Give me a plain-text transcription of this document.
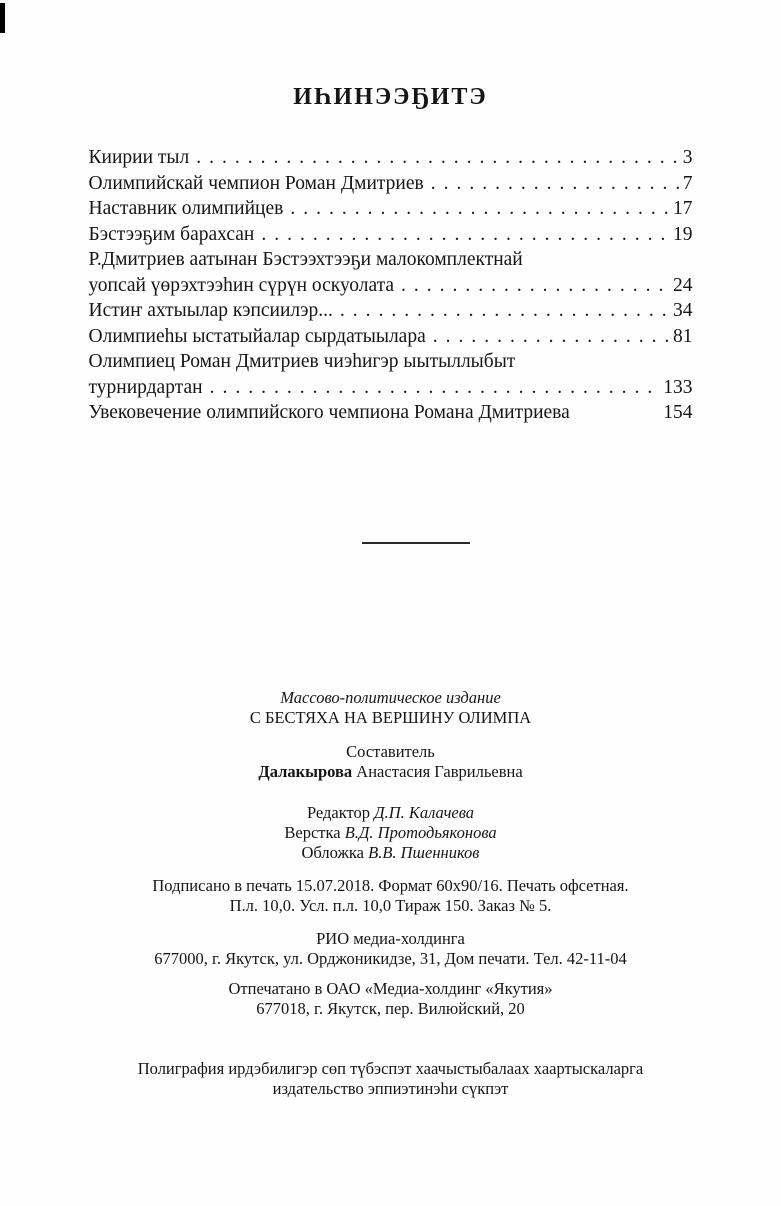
ИҺИНЭЭҔИТЭ
Киирии тыл .....	3
Олимпийскай чемпион Роман Дмитриев .....	7
Наставник олимпийцев .....	17
Бэстээҕим барахсан .....	19
Р.Дмитриев аатынан Бэстээхтээҕи малокомплектнай
уопсай үөрэхтээһин сүрүн оскуолата .....	24
Истиҥ ахтыылар кэпсиилэр... .....	34
Олимпиеһы ыстатыйалар сырдатыылара .....	81
Олимпиец Роман Дмитриев чиэһигэр ыытыллыбыт
турнирдартан .....	133
Увековечение олимпийского чемпиона Романа Дмитриева	154

Массово-политическое издание

С БЕСТЯХА НА ВЕРШИНУ ОЛИМПА

Составитель

Далакырова Анастасия Гаврильевна

Редактор Д.П. Калачева

Верстка В.Д. Протодьяконова

Обложка В.В. Пшенников

Подписано в печать 15.07.2018. Формат 60х90/16. Печать офсетная.

П.л. 10,0. Усл. п.л. 10,0 Тираж 150. Заказ № 5.

РИО медиа-холдинга

677000, г. Якутск, ул. Орджоникидзе, 31, Дом печати. Тел. 42-11-04

Отпечатано в ОАО «Медиа-холдинг «Якутия»

677018, г. Якутск, пер. Вилюйский, 20

Полиграфия ирдэбилигэр сөп түбэспэт хаачыстыбалаах хаартыскаларга

издательство эппиэтинэһи сүкпэт
